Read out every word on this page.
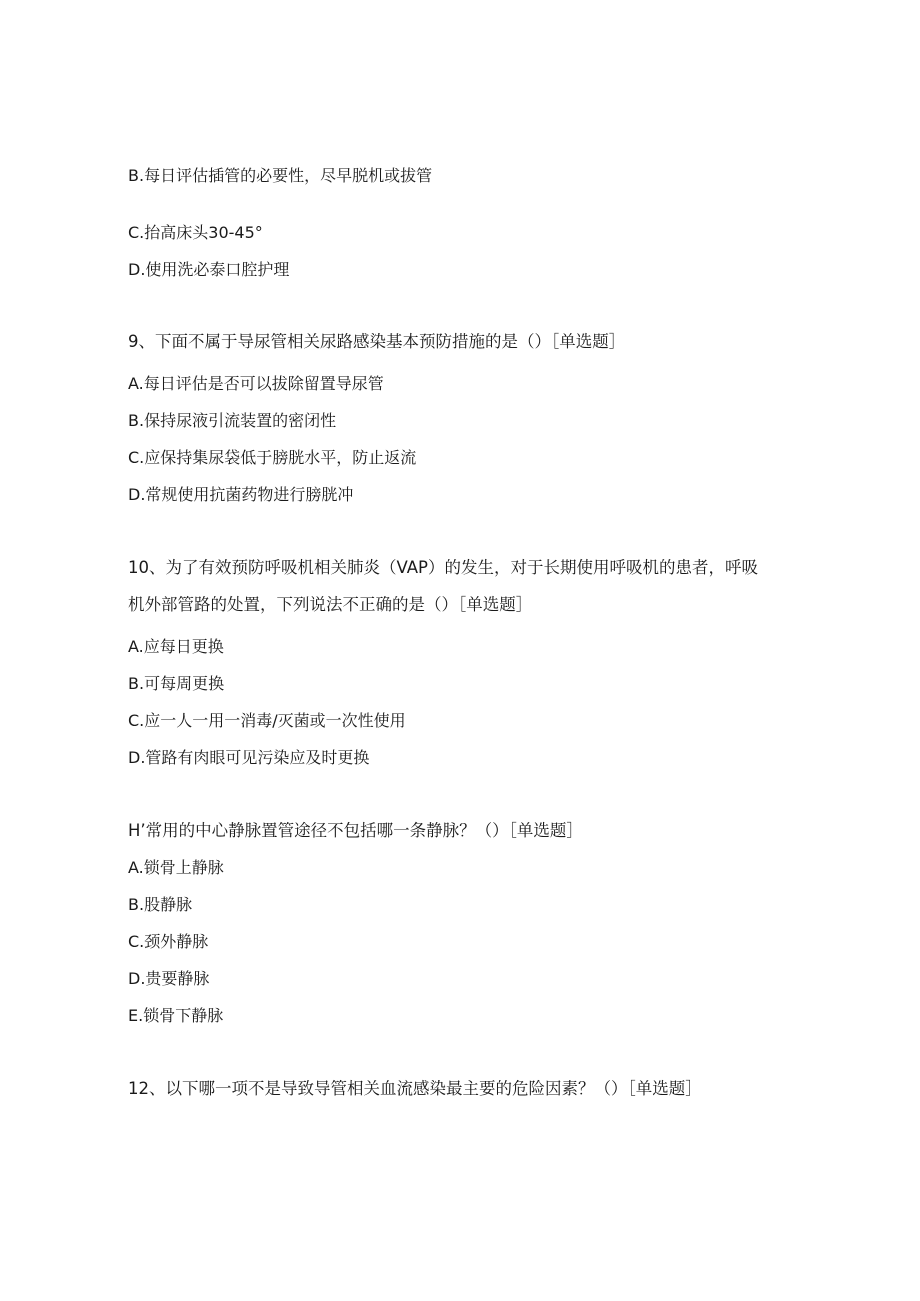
B.每日评估插管的必要性，尽早脱机或拔管
C.抬高床头30-45°
D.使用洗必泰口腔护理
9、下面不属于导尿管相关尿路感染基本预防措施的是（）［单选题］
A.每日评估是否可以拔除留置导尿管
B.保持尿液引流装置的密闭性
C.应保持集尿袋低于膀胱水平，防止返流
D.常规使用抗菌药物进行膀胱冲
10、为了有效预防呼吸机相关肺炎（VAP）的发生，对于长期使用呼吸机的患者，呼吸
机外部管路的处置，下列说法不正确的是（）［单选题］
A.应每日更换
B.可每周更换
C.应一人一用一消毒/灭菌或一次性使用
D.管路有肉眼可见污染应及时更换
H’常用的中心静脉置管途径不包括哪一条静脉？（）［单选题］
A.锁骨上静脉
B.股静脉
C.颈外静脉
D.贵要静脉
E.锁骨下静脉
12、以下哪一项不是导致导管相关血流感染最主要的危险因素？（）［单选题］
